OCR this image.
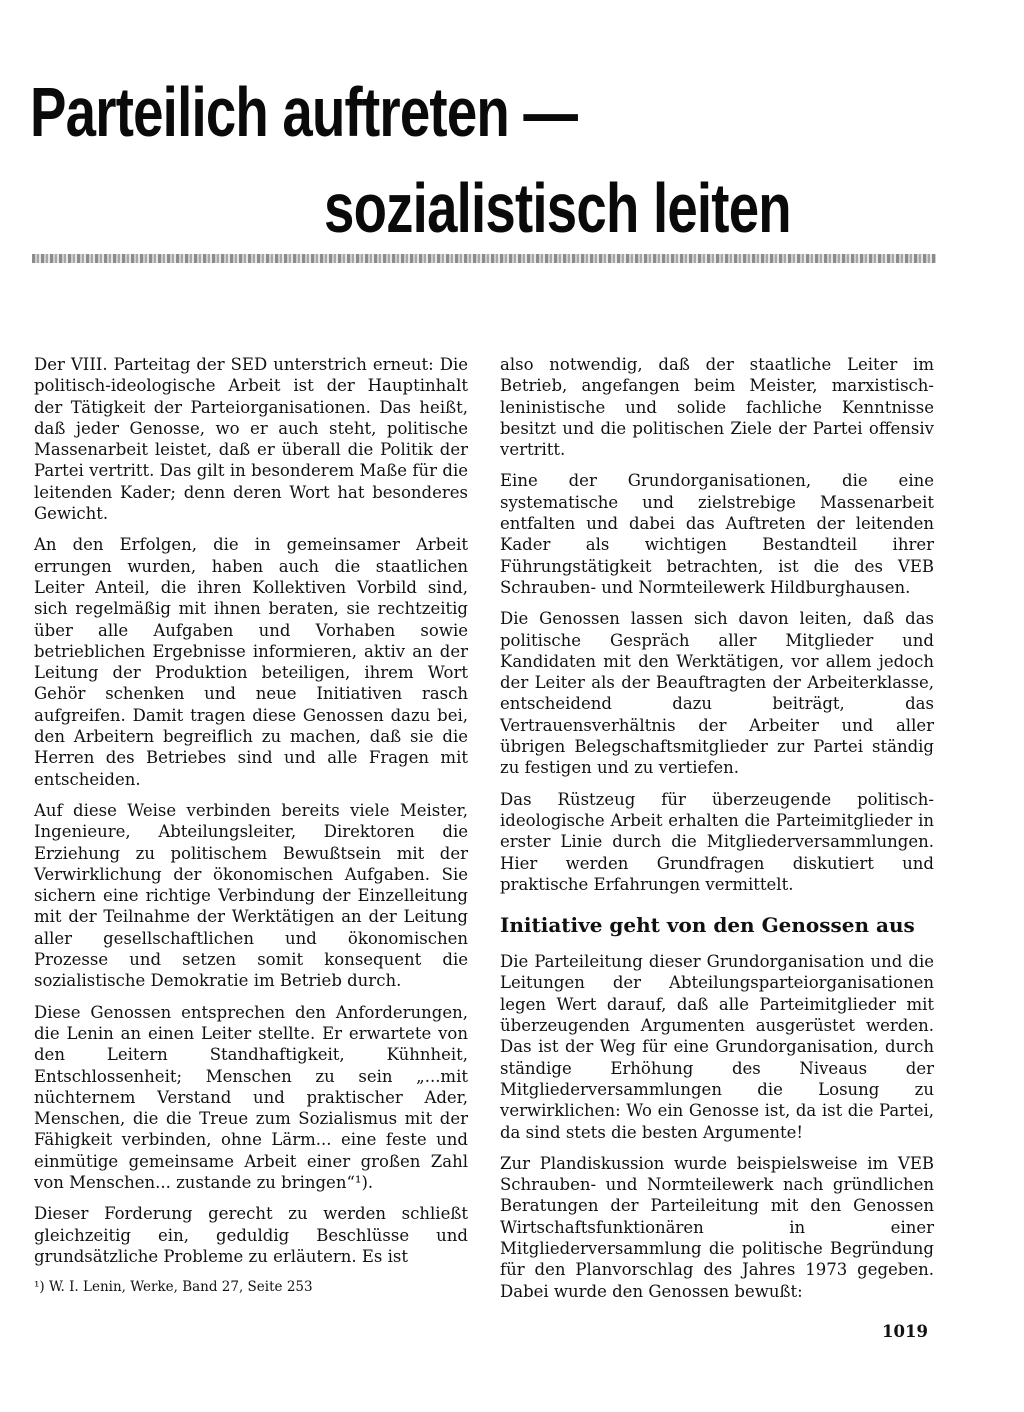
Parteilich auftreten —
sozialistisch leiten

Der VIII. Parteitag der SED unterstrich erneut: Die politisch-ideologische Arbeit ist der Hauptinhalt der Tätigkeit der Parteiorganisationen. Das heißt, daß jeder Genosse, wo er auch steht, politische Massenarbeit leistet, daß er überall die Politik der Partei vertritt. Das gilt in besonderem Maße für die leitenden Kader; denn deren Wort hat besonderes Gewicht.

An den Erfolgen, die in gemeinsamer Arbeit errungen wurden, haben auch die staatlichen Leiter Anteil, die ihren Kollektiven Vorbild sind, sich regelmäßig mit ihnen beraten, sie rechtzeitig über alle Aufgaben und Vorhaben sowie betrieblichen Ergebnisse informieren, aktiv an der Leitung der Produktion beteiligen, ihrem Wort Gehör schenken und neue Initiativen rasch aufgreifen. Damit tragen diese Genossen dazu bei, den Arbeitern begreiflich zu machen, daß sie die Herren des Betriebes sind und alle Fragen mit entscheiden.

Auf diese Weise verbinden bereits viele Meister, Ingenieure, Abteilungsleiter, Direktoren die Erziehung zu politischem Bewußtsein mit der Verwirklichung der ökonomischen Aufgaben. Sie sichern eine richtige Verbindung der Einzelleitung mit der Teilnahme der Werktätigen an der Leitung aller gesellschaftlichen und ökonomischen Prozesse und setzen somit konsequent die sozialistische Demokratie im Betrieb durch.

Diese Genossen entsprechen den Anforderungen, die Lenin an einen Leiter stellte. Er erwartete von den Leitern Standhaftigkeit, Kühnheit, Entschlossenheit; Menschen zu sein „...mit nüchternem Verstand und praktischer Ader, Menschen, die die Treue zum Sozialismus mit der Fähigkeit verbinden, ohne Lärm... eine feste und einmütige gemeinsame Arbeit einer großen Zahl von Menschen... zustande zu bringen“¹).

Dieser Forderung gerecht zu werden schließt gleichzeitig ein, geduldig Beschlüsse und grundsätzliche Probleme zu erläutern. Es ist

¹) W. I. Lenin, Werke, Band 27, Seite 253

also notwendig, daß der staatliche Leiter im Betrieb, angefangen beim Meister, marxistisch-leninistische und solide fachliche Kenntnisse besitzt und die politischen Ziele der Partei offensiv vertritt.

Eine der Grundorganisationen, die eine systematische und zielstrebige Massenarbeit entfalten und dabei das Auftreten der leitenden Kader als wichtigen Bestandteil ihrer Führungstätigkeit betrachten, ist die des VEB Schrauben- und Normteilewerk Hildburghausen.

Die Genossen lassen sich davon leiten, daß das politische Gespräch aller Mitglieder und Kandidaten mit den Werktätigen, vor allem jedoch der Leiter als der Beauftragten der Arbeiterklasse, entscheidend dazu beiträgt, das Vertrauensverhältnis der Arbeiter und aller übrigen Belegschaftsmitglieder zur Partei ständig zu festigen und zu vertiefen.

Das Rüstzeug für überzeugende politisch-ideologische Arbeit erhalten die Parteimitglieder in erster Linie durch die Mitgliederversammlungen. Hier werden Grundfragen diskutiert und praktische Erfahrungen vermittelt.

Initiative geht von den Genossen aus

Die Parteileitung dieser Grundorganisation und die Leitungen der Abteilungsparteiorganisationen legen Wert darauf, daß alle Parteimitglieder mit überzeugenden Argumenten ausgerüstet werden. Das ist der Weg für eine Grundorganisation, durch ständige Erhöhung des Niveaus der Mitgliederversammlungen die Losung zu verwirklichen: Wo ein Genosse ist, da ist die Partei, da sind stets die besten Argumente!

Zur Plandiskussion wurde beispielsweise im VEB Schrauben- und Normteilewerk nach gründlichen Beratungen der Parteileitung mit den Genossen Wirtschaftsfunktionären in einer Mitgliederversammlung die politische Begründung für den Planvorschlag des Jahres 1973 gegeben. Dabei wurde den Genossen bewußt:

1019
